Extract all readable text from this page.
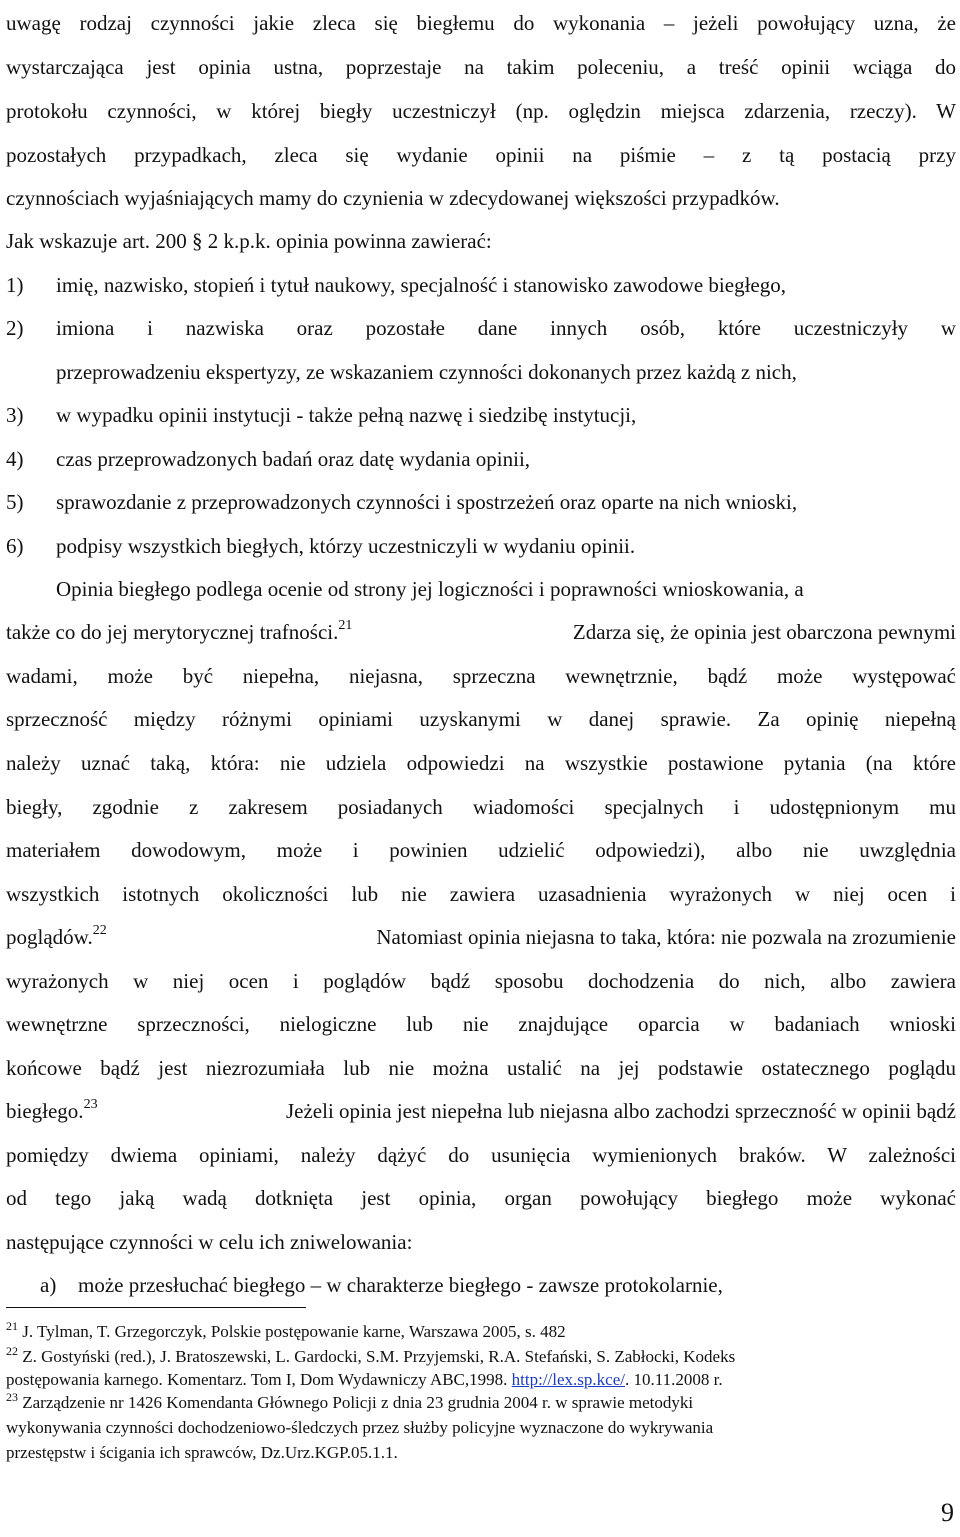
uwagę rodzaj czynności jakie zleca się biegłemu do wykonania – jeżeli powołujący uzna, że
wystarczająca jest opinia ustna, poprzestaje na takim poleceniu, a treść opinii wciąga do
protokołu czynności, w której biegły uczestniczył (np. oględzin miejsca zdarzenia, rzeczy). W
pozostałych przypadkach, zleca się wydanie opinii na piśmie – z tą postacią przy
czynnościach wyjaśniających mamy do czynienia w zdecydowanej większości przypadków.
Jak wskazuje art. 200 § 2 k.p.k. opinia powinna zawierać:
1) imię, nazwisko, stopień i tytuł naukowy, specjalność i stanowisko zawodowe biegłego,
2) imiona i nazwiska oraz pozostałe dane innych osób, które uczestniczyły w
przeprowadzeniu ekspertyzy, ze wskazaniem czynności dokonanych przez każdą z nich,
3) w wypadku opinii instytucji - także pełną nazwę i siedzibę instytucji,
4) czas przeprowadzonych badań oraz datę wydania opinii,
5) sprawozdanie z przeprowadzonych czynności i spostrzeżeń oraz oparte na nich wnioski,
6) podpisy wszystkich biegłych, którzy uczestniczyli w wydaniu opinii.
Opinia biegłego podlega ocenie od strony jej logiczności i poprawności wnioskowania, a
także co do jej merytorycznej trafności.$^{21}$	Zdarza się, że opinia jest obarczona pewnymi
wadami, może być niepełna, niejasna, sprzeczna wewnętrznie, bądź może występować
sprzeczność między różnymi opiniami uzyskanymi w danej sprawie. Za opinię niepełną
należy uznać taką, która: nie udziela odpowiedzi na wszystkie postawione pytania (na które
biegły, zgodnie z zakresem posiadanych wiadomości specjalnych i udostępnionym mu
materiałem dowodowym, może i powinien udzielić odpowiedzi), albo nie uwzględnia
wszystkich istotnych okoliczności lub nie zawiera uzasadnienia wyrażonych w niej ocen i
poglądów.$^{22}$	Natomiast opinia niejasna to taka, która: nie pozwala na zrozumienie
wyrażonych w niej ocen i poglądów bądź sposobu dochodzenia do nich, albo zawiera
wewnętrzne sprzeczności, nielogiczne lub nie znajdujące oparcia w badaniach wnioski
końcowe bądź jest niezrozumiała lub nie można ustalić na jej podstawie ostatecznego poglądu
biegłego.$^{23}$	Jeżeli opinia jest niepełna lub niejasna albo zachodzi sprzeczność w opinii bądź
pomiędzy dwiema opiniami, należy dążyć do usunięcia wymienionych braków. W zależności
od tego jaką wadą dotknięta jest opinia, organ powołujący biegłego może wykonać
następujące czynności w celu ich zniwelowania:
a) może przesłuchać biegłego – w charakterze biegłego - zawsze protokolarnie,
$^{21}$ J. Tylman, T. Grzegorczyk, Polskie postępowanie karne, Warszawa 2005, s. 482
$^{22}$ Z. Gostyński (red.), J. Bratoszewski, L. Gardocki, S.M. Przyjemski, R.A. Stefański, S. Zabłocki, Kodeks
postępowania karnego. Komentarz. Tom I, Dom Wydawniczy ABC,1998. http://lex.sp.kce/. 10.11.2008 r.
$^{23}$ Zarządzenie nr 1426 Komendanta Głównego Policji z dnia 23 grudnia 2004 r. w sprawie metodyki
wykonywania czynności dochodzeniowo-śledczych przez służby policyjne wyznaczone do wykrywania
przestępstw i ścigania ich sprawców, Dz.Urz.KGP.05.1.1.
9
